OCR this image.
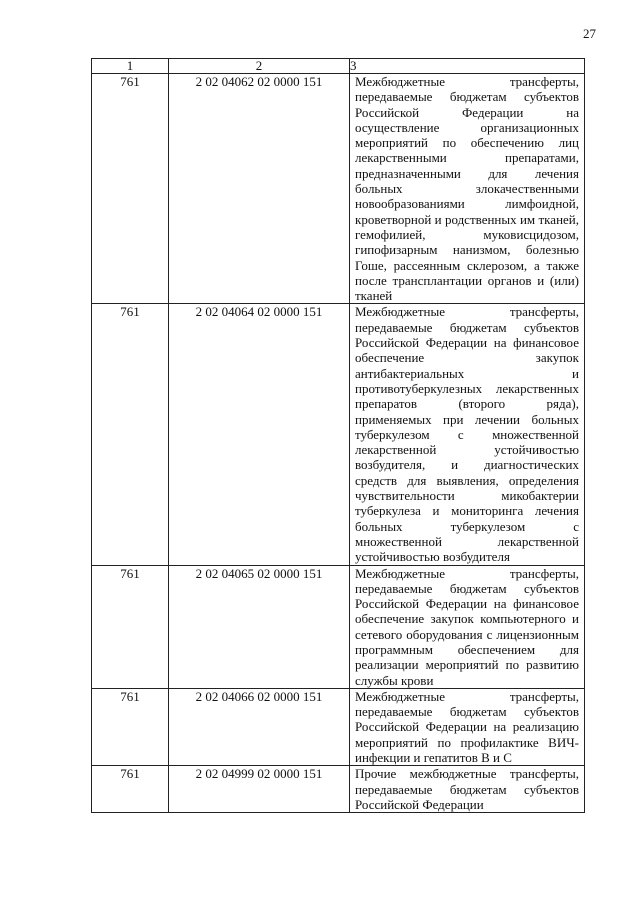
27
1	2	3
761	2 02 04062 02 0000 151	Межбюджетные трансферты, передаваемые бюджетам субъектов Российской Федерации на осуществление организационных мероприятий по обеспечению лиц лекарственными препаратами, предназначенными для лечения больных злокачественными новообразованиями лимфоидной, кроветворной и родственных им тканей, гемофилией, муковисцидозом, гипофизарным нанизмом, болезнью Гоше, рассеянным склерозом, а также после трансплантации органов и (или) тканей
761	2 02 04064 02 0000 151	Межбюджетные трансферты, передаваемые бюджетам субъектов Российской Федерации на финансовое обеспечение закупок антибактериальных и противотуберкулезных лекарственных препаратов (второго ряда), применяемых при лечении больных туберкулезом с множественной лекарственной устойчивостью возбудителя, и диагностических средств для выявления, определения чувствительности микобактерии туберкулеза и мониторинга лечения больных туберкулезом с множественной лекарственной устойчивостью возбудителя
761	2 02 04065 02 0000 151	Межбюджетные трансферты, передаваемые бюджетам субъектов Российской Федерации на финансовое обеспечение закупок компьютерного и сетевого оборудования с лицензионным программным обеспечением для реализации мероприятий по развитию службы крови
761	2 02 04066 02 0000 151	Межбюджетные трансферты, передаваемые бюджетам субъектов Российской Федерации на реализацию мероприятий по профилактике ВИЧ-инфекции и гепатитов В и С
761	2 02 04999 02 0000 151	Прочие межбюджетные трансферты, передаваемые бюджетам субъектов Российской Федерации
